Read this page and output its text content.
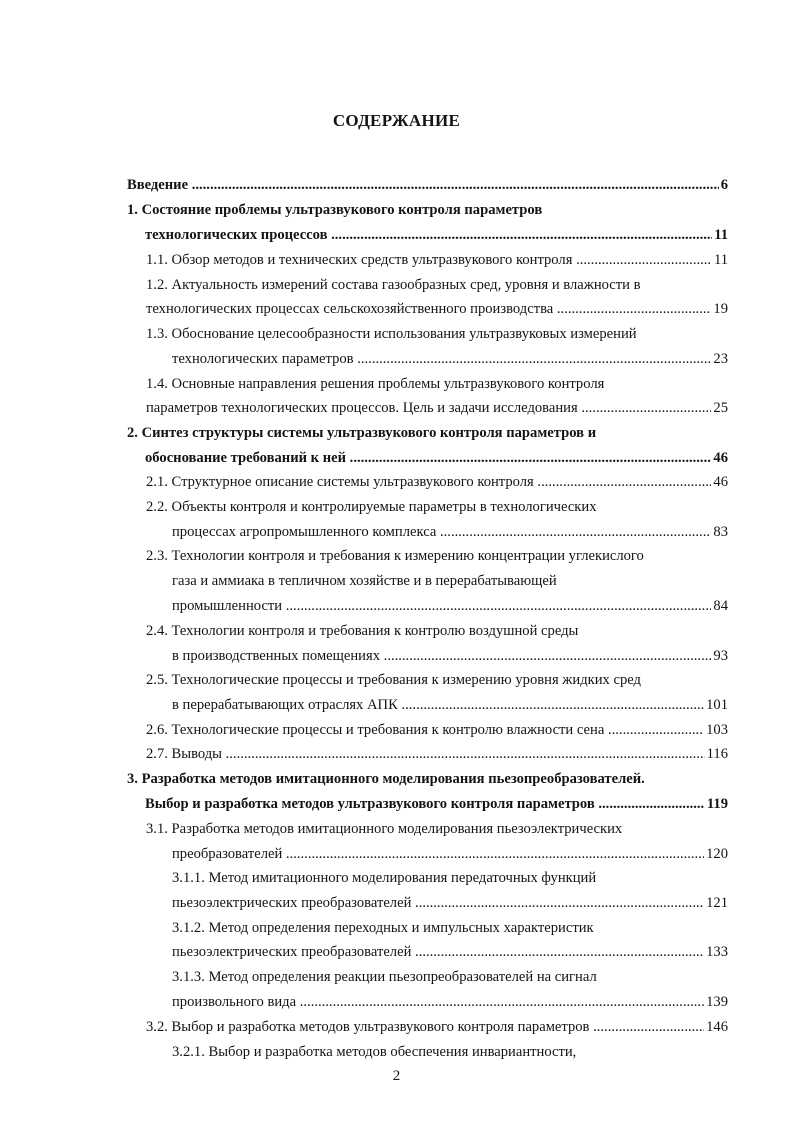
СОДЕРЖАНИЕ
Введение	6
.....
1. Состояние проблемы ультразвукового контроля параметров
технологических процессов	11
.....
1.1. Обзор методов и технических средств ультразвукового контроля	11
.....
1.2. Актуальность измерений состава газообразных сред, уровня и влажности в
технологических процессах сельскохозяйственного производства	19
.....
1.3. Обоснование целесообразности использования ультразвуковых измерений
технологических параметров	23
.....
1.4. Основные направления решения проблемы ультразвукового контроля
параметров технологических процессов. Цель и задачи исследования	25
.....
2. Синтез структуры системы ультразвукового контроля параметров и
обоснование требований к ней	46
.....
2.1. Структурное описание системы ультразвукового контроля	46
.....
2.2. Объекты контроля и контролируемые параметры в технологических
процессах агропромышленного комплекса	83
.....
2.3. Технологии контроля и требования к измерению концентрации углекислого
газа и аммиака в тепличном хозяйстве и в перерабатывающей
промышленности	84
.....
2.4. Технологии контроля и требования к контролю воздушной среды
в производственных помещениях	93
.....
2.5. Технологические процессы и требования к измерению уровня жидких сред
в перерабатывающих отраслях АПК	101
.....
2.6. Технологические процессы и требования к контролю влажности сена	103
.....
2.7. Выводы	116
.....
3. Разработка методов имитационного моделирования пьезопреобразователей.
Выбор и разработка методов ультразвукового контроля параметров	119
.....
3.1. Разработка методов имитационного моделирования пьезоэлектрических
преобразователей	120
.....
3.1.1. Метод имитационного моделирования передаточных функций
пьезоэлектрических преобразователей	121
.....
3.1.2. Метод определения переходных и импульсных характеристик
пьезоэлектрических преобразователей	133
.....
3.1.3. Метод определения реакции пьезопреобразователей на сигнал
произвольного вида	139
.....
3.2. Выбор и разработка методов ультразвукового контроля параметров	146
.....
3.2.1. Выбор и разработка методов обеспечения инвариантности,
2
